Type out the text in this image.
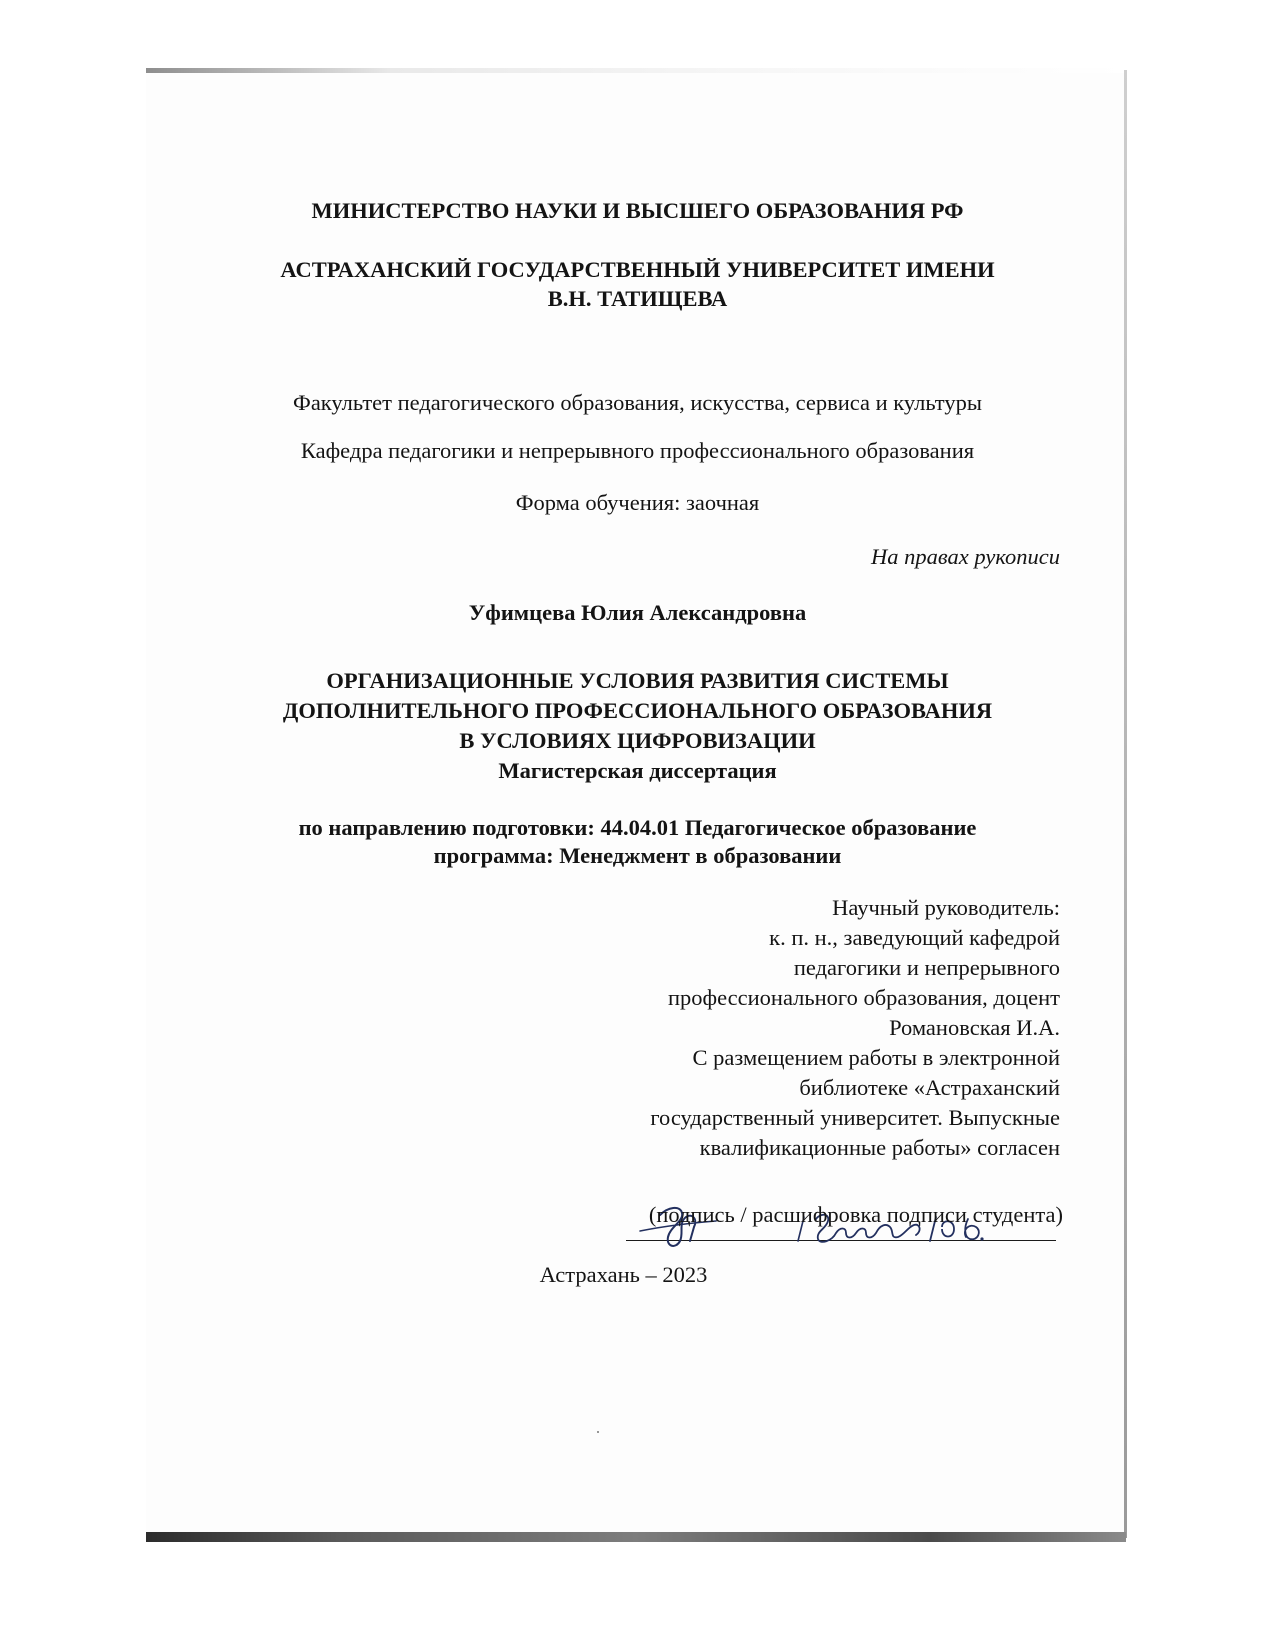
МИНИСТЕРСТВО НАУКИ И ВЫСШЕГО ОБРАЗОВАНИЯ РФ
АСТРАХАНСКИЙ ГОСУДАРСТВЕННЫЙ УНИВЕРСИТЕТ ИМЕНИ
В.Н. ТАТИЩЕВА
Факультет педагогического образования, искусства, сервиса и культуры
Кафедра педагогики и непрерывного профессионального образования
Форма обучения: заочная
На правах рукописи
Уфимцева Юлия Александровна
ОРГАНИЗАЦИОННЫЕ УСЛОВИЯ РАЗВИТИЯ СИСТЕМЫ
ДОПОЛНИТЕЛЬНОГО ПРОФЕССИОНАЛЬНОГО ОБРАЗОВАНИЯ
В УСЛОВИЯХ ЦИФРОВИЗАЦИИ
Магистерская диссертация
по направлению подготовки: 44.04.01 Педагогическое образование
программа: Менеджмент в образовании
Научный руководитель:
к. п. н., заведующий кафедрой
педагогики и непрерывного
профессионального образования, доцент
Романовская И.А.
С размещением работы в электронной
библиотеке «Астраханский
государственный университет. Выпускные
квалификационные работы» согласен
(подпись / расшифровка подписи студента)
Астрахань – 2023
